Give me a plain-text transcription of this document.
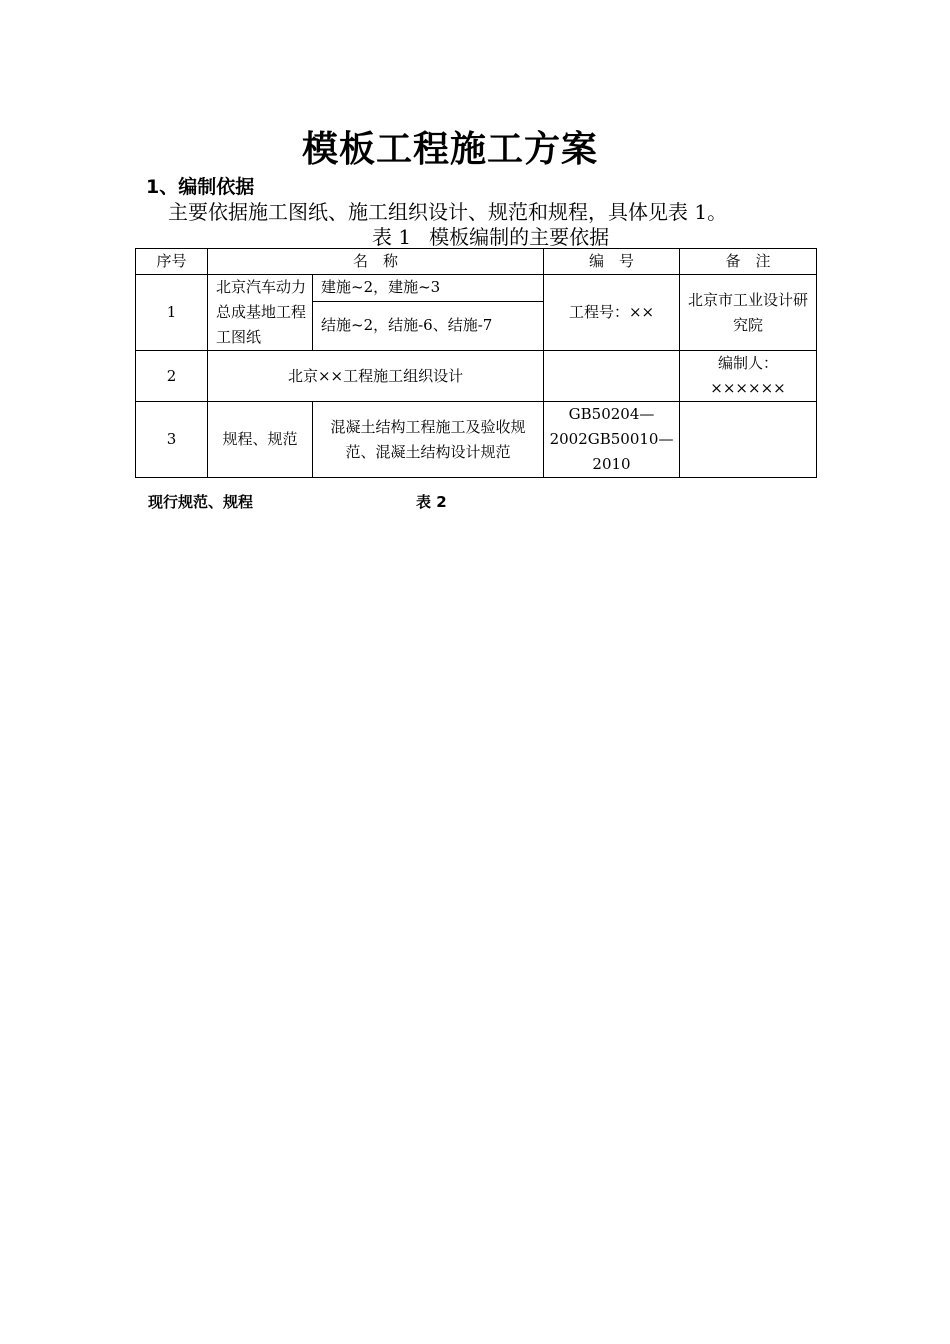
模板工程施工方案
1、编制依据
主要依据施工图纸、施工组织设计、规范和规程，具体见表 1。
表 1 模板编制的主要依据
序号	名　称		编　号	备　注
1	北京汽车动力总成基地工程工图纸	建施~2，建施~3	工程号：××	北京市工业设计研究院
		结施~2，结施-6、结施-7		
2	北京××工程施工组织设计			编制人：××××××
3	规程、规范	混凝土结构工程施工及验收规范、混凝土结构设计规范	GB50204—2002GB50010—2010	
现行规范、规程	表 2
